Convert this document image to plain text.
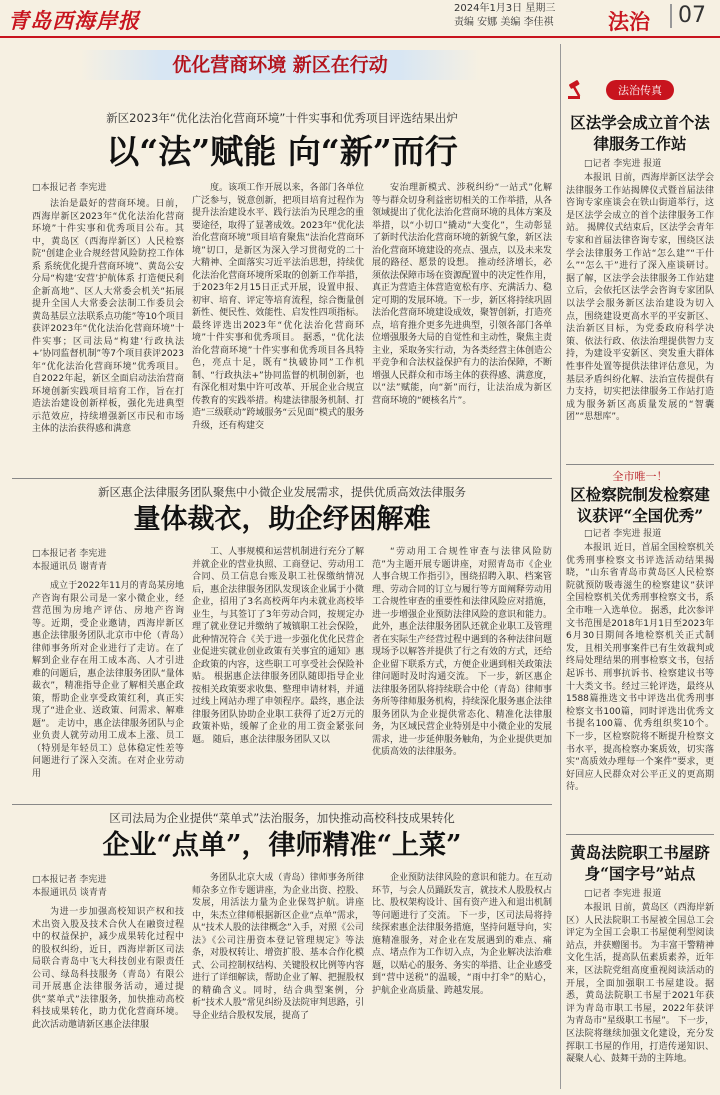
青岛西海岸报	2024年1月3日 星期三
责编 安娜 美编 李佳祺	法治	07
优化营商环境 新区在行动
新区2023年“优化法治化营商环境”十件实事和优秀项目评选结果出炉
以“法”赋能 向“新”而行
□本报记者 李宪进
法治是最好的营商环境。日前，西海岸新区2023年“优化法治化营商环境”十件实事和优秀项目公布。其中，黄岛区（西海岸新区）人民检察院“创建企业合规经营风险防控工作体系 系统优化提升营商环境”、黄岛公安分局“构建‘安营’护航体系 打造便民利企新高地”、区人大常委会机关“拓展提升全国人大常委会法制工作委员会黄岛基层立法联系点功能”等10个项目获评2023年“优化法治化营商环境”十件实事；区司法局“构建‘行政执法+’协同监督机制”等7个项目获评2023年“优化法治化营商环境”优秀项目。 自2022年起，新区全面启动法治营商环境创新实践项目培育工作，旨在打造法治建设创新样板，强化先进典型示范效应，持续增强新区市民和市场主体的法治获得感和满意
度。该项工作开展以来，各部门各单位广泛参与，锐意创新，把项目培育过程作为提升法治建设水平、践行法治为民理念的重要途径，取得了显著成效。2023年“优化法治化营商环境”项目培育聚焦“法治化营商环境”切口，是新区为深入学习贯彻党的二十大精神、全面落实习近平法治思想，持续优化法治化营商环境所采取的创新工作举措，于2023年2月15日正式开展，设置申报、初审、培育、评定等培育流程，综合衡量创新性、便民性、效能性、启发性四项指标。最终评选出2023年“优化法治化营商环境”十件实事和优秀项目。 据悉，“优化法治化营商环境”十件实事和优秀项目各具特色，亮点十足，既有“执破协同”工作机制、“行政执法+”协同监督的机制创新，也有深化相对集中许可改革、开展企业合规宣传教育的实践举措。构建法律服务机制、打造“三级联动”跨域服务“云见面”模式的服务升级，还有构建交
安治理新模式、涉税纠纷“一站式”化解等与群众切身利益密切相关的工作举措，从各领域提出了优化法治化营商环境的具体方案及举措，以“小切口”撬动“大变化”，生动彰显了新时代法治化营商环境的新貌气象，新区法治化营商环境建设的亮点、强点，以及未来发展的路径、愿景的设想。 推动经济增长，必须依法保障市场在资源配置中的决定性作用，真正为营造主体营造宽松有序、充满活力、稳定可期的发展环境。下一步，新区将持续巩固法治化营商环境建设成效，聚智创新，打造亮点，培育推介更多先进典型，引领各部门各单位增强服务大局的自觉性和主动性，聚焦主责主业，采取务实行动，为各类经营主体创造公平竞争和合法权益保护有力的法治保障，不断增强人民群众和市场主体的获得感、满意度，以“法”赋能，向“新”而行，让法治成为新区营商环境的“硬核名片”。
新区惠企法律服务团队聚焦中小微企业发展需求，提供优质高效法律服务
量体裁衣，助企纾困解难
□本报记者 李宪进
本报通讯员 谢青青
成立于2022年11月的青岛某房地产咨询有限公司是一家小微企业，经营范围为房地产评估、房地产咨询等。近期，受企业邀请，西海岸新区惠企法律服务团队北京市中伦（青岛）律师事务所对企业进行了走访。在了解到企业存在用工成本高、人才引进难的问题后，惠企法律服务团队“量体裁衣”，精准指导企业了解相关惠企政策，帮助企业享受政策红利，真正实现了“进企业、送政策、问需求、解难题”。 走访中，惠企法律服务团队与企业负责人就劳动用工成本上涨、员工（特别是年轻员工）总体稳定性差等问题进行了深入交流。在对企业劳动用
工、人事规模和运营机制进行充分了解并就企业的营业执照、工商登记、劳动用工合同、员工信息台账及职工社保缴纳情况后，惠企法律服务团队发现该企业属于小微企业，招用了3名高校两年内未就业高校毕业生，与其签订了3年劳动合同，按规定办理了就业登记并缴纳了城镇职工社会保险，此种情况符合《关于进一步强化优化民营企业促进实就业创业政策有关事宜的通知》惠企政策的内容，这些职工可享受社会保险补贴。 根据惠企法律服务团队随即指导企业按相关政策要求收集、整理申请材料，并通过线上网站办理了申领程序。最终，惠企法律服务团队协助企业职工获得了近2万元的政策补贴，缓解了企业的用工资金紧张问题。 随后，惠企法律服务团队又以
“劳动用工合规性审查与法律风险防范”为主题开展专题讲座，对照青岛市《企业人事合规工作指引》，围绕招聘入职、档案管理、劳动合同的订立与履行等方面阐释劳动用工合规性审查的重要性和法律风险应对措施，进一步增强企业预防法律风险的意识和能力。此外，惠企法律服务团队还就企业职工及管理者在实际生产经营过程中遇到的各种法律问题现场予以解答并提供了行之有效的方式，还给企业留下联系方式，方便企业遇到相关政策法律问题时及时沟通交流。 下一步，新区惠企法律服务团队将持续联合中伦（青岛）律师事务所等律师服务机构，持续深化服务惠企法律服务团队为企业提供常态化、精准化法律服务，为区域民营企业特别是中小微企业的发展需求，进一步延伸服务触角，为企业提供更加优质高效的法律服务。
区司法局为企业提供“菜单式”法治服务，加快推动高校科技成果转化
企业“点单”，律师精准“上菜”
□本报记者 李宪进
本报通讯员 谈青青
为进一步加强高校知识产权和技术出资入股及技术合伙人在融资过程中的权益保护，减少成果转化过程中的股权纠纷，近日，西海岸新区司法局联合青岛中飞大科技创业有限责任公司、绿岛科技服务（青岛）有限公司开展惠企法律服务活动，通过提供“菜单式”法律服务，加快推动高校科技成果转化，助力优化营商环境。 此次活动邀请新区惠企法律服
务团队北京大成（青岛）律师事务所律师杂多立作专题讲座，为企业出资、控股、发展，用活法力量为企业保驾护航。讲座中，朱杰立律师根据新区企业“点单”需求，从“技术人股的法律概念”入手，对照《公司法》《公司注册资本登记管理规定》等法条，对股权转让、增资扩股、基本合作化模式、公司控制权结构、关键股权比例等内容进行了详细解读，帮助企业了解、把握股权的精确含义。同时，结合典型案例，分析“技术人股”常见纠纷及法院审判思路，引导企业结合股权发展，提高了
企业预防法律风险的意识和能力。在互动环节，与会人员踊跃发言，就技术人股股权占比、股权架构设计、国有资产进入和退出机制等问题进行了交流。 下一步，区司法局将持续探索惠企法律服务措施，坚持问题导向，实施精准服务，对企业在发展遇到的难点、痛点、堵点作为工作切入点，为企业解决法治难题，以贴心的服务、务实的举措、让企业感受到“营中送税”的温暖，“雨中打伞”的贴心，护航企业高质量、跨越发展。
法治传真
区法学会成立首个法律服务工作站
□记者 李宪进 报道
本报讯 日前，西海岸新区法学会法律服务工作站揭牌仪式暨首届法律咨询专家座谈会在铁山街道举行，这是区法学会成立的首个法律服务工作站。 揭牌仪式结束后，区法学会青年专家和首届法律咨询专家，围绕区法学会法律服务工作站“怎么建”“干什么”“怎么干”进行了深入座谈研讨。 据了解，区法学会法律服务工作站建立后，会依托区法学会咨询专家团队以法学会服务新区法治建设为切入点，围绕建设更高水平的平安新区、法治新区目标，为党委政府科学决策、依法行政、依法治理提供智力支持，为建设平安新区、突发重大群体性事件处置等提供法律评估意见，为基层矛盾纠纷化解、法治宣传提供有力支持，切实把法律服务工作站打造成为服务新区高质量发展的“智囊团”“思想库”。
全市唯一！
区检察院制发检察建议获评“全国优秀”
□记者 李宪进 报道
本报讯 近日，首届全国检察机关优秀刑事检察文书评选活动结果揭晓，“山东省青岛市黄岛区人民检察院就预防吸毒滋生的检察建议”获评全国检察机关优秀刑事检察文书，系全市唯一入选单位。 据悉，此次参评文书范围是2018年1月1日至2023年6月30日期间各地检察机关正式制发，且相关刑事案件已有生效裁判或终局处理结果的刑事检察文书，包括起诉书、刑事抗诉书、检察建议书等十大类文书。经过三轮评选，最终从1588篇推选文书中评选出优秀刑事检察文书100篇，同时评选出优秀文书提名100篇、优秀组织奖10个。 下一步，区检察院将不断提升检察文书水平，提高检察办案质效，切实落实“高质效办理每一个案件”要求，更好回应人民群众对公平正义的更高期待。
黄岛法院职工书屋跻身“国字号”站点
□记者 李宪进 报道
本报讯 日前，黄岛区（西海岸新区）人民法院职工书屋被全国总工会评定为全国工会职工书屋便利型阅读站点，并获赠图书。 为丰富干警精神文化生活，提高队伍素质素养，近年来，区法院党组高度重视阅读活动的开展，全面加强职工书屋建设。据悉，黄岛法院职工书屋于2021年获评为青岛市职工书屋，2022年获评为青岛市“星级职工书屋”。 下一步，区法院将继续加强文化建设，充分发挥职工书屋的作用，打造传递知识、凝聚人心、鼓舞干劲的主阵地。
